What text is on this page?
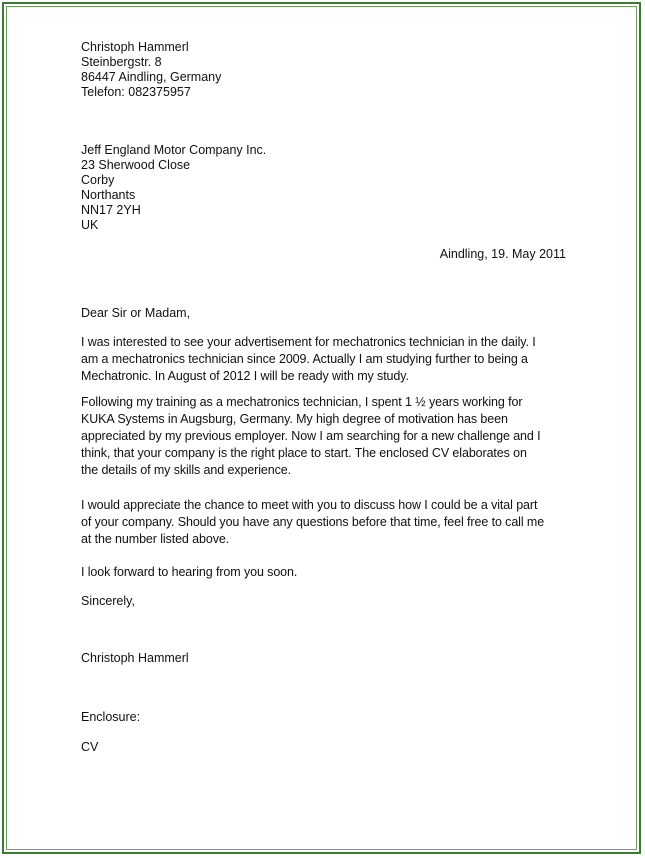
Christoph Hammerl
Steinbergstr. 8
86447 Aindling, Germany
Telefon: 082375957
Jeff England Motor Company Inc.
23 Sherwood Close
Corby
Northants
NN17 2YH
UK
Aindling, 19. May 2011
Dear Sir or Madam,
I was interested to see your advertisement for mechatronics technician in the daily. I
am a mechatronics technician since 2009. Actually I am studying further to being a
Mechatronic. In August of 2012 I will be ready with my study.
Following my training as a mechatronics technician, I spent 1 ½ years working for
KUKA Systems in Augsburg, Germany. My high degree of motivation has been
appreciated by my previous employer. Now I am searching for a new challenge and I
think, that your company is the right place to start. The enclosed CV elaborates on
the details of my skills and experience.
I would appreciate the chance to meet with you to discuss how I could be a vital part
of your company. Should you have any questions before that time, feel free to call me
at the number listed above.
I look forward to hearing from you soon.
Sincerely,
Christoph Hammerl
Enclosure:
CV
